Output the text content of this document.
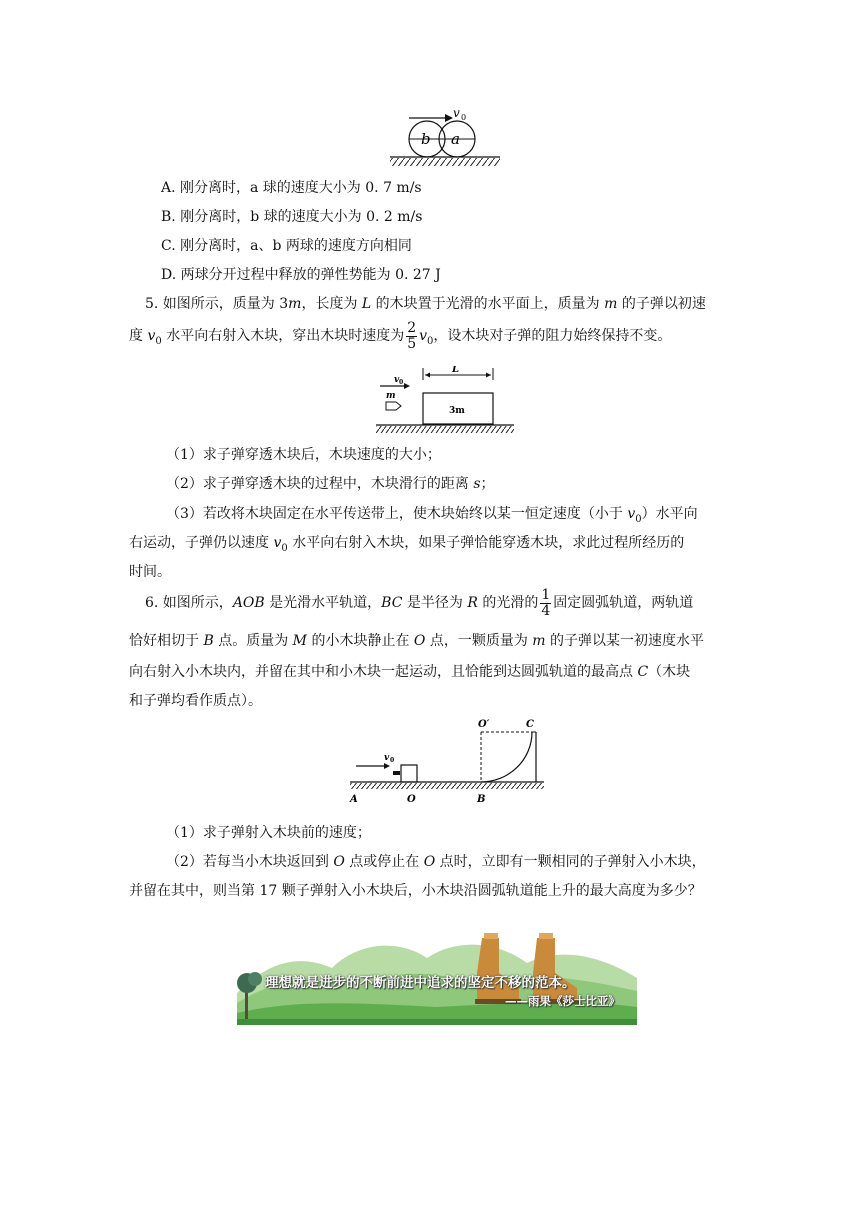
v 0
b a
A. 刚分离时，a 球的速度大小为 0. 7 m/s
B. 刚分离时，b 球的速度大小为 0. 2 m/s
C. 刚分离时，a、b 两球的速度方向相同
D. 两球分开过程中释放的弹性势能为 0. 27 J
5. 如图所示，质量为 3m，长度为 L 的木块置于光滑的水平面上，质量为 m 的子弹以初速
度 $v_0$ 水平向右射入木块，穿出木块时速度为 $\frac{2}{5} v_0$，设木块对子弹的阻力始终保持不变。
L
v 0
m
3m
（1）求子弹穿透木块后，木块速度的大小；
（2）求子弹穿透木块的过程中，木块滑行的距离 s；
（3）若改将木块固定在水平传送带上，使木块始终以某一恒定速度（小于 $v_0$）水平向
右运动，子弹仍以速度 $v_0$ 水平向右射入木块，如果子弹恰能穿透木块，求此过程所经历的
时间。
6. 如图所示，AOB 是光滑水平轨道，BC 是半径为 R 的光滑的 $\frac{1}{4}$ 固定圆弧轨道，两轨道
恰好相切于 B 点。质量为 M 的小木块静止在 O 点，一颗质量为 m 的子弹以某一初速度水平
向右射入小木块内，并留在其中和小木块一起运动，且恰能到达圆弧轨道的最高点 C（木块
和子弹均看作质点）。
O′	C
v 0
A	O	B
（1）求子弹射入木块前的速度；
（2）若每当小木块返回到 O 点或停止在 O 点时，立即有一颗相同的子弹射入小木块，
并留在其中，则当第 17 颗子弹射入小木块后，小木块沿圆弧轨道能上升的最大高度为多少？
理想就是进步的不断前进中追求的坚定不移的范本。
——雨果《莎士比亚》
